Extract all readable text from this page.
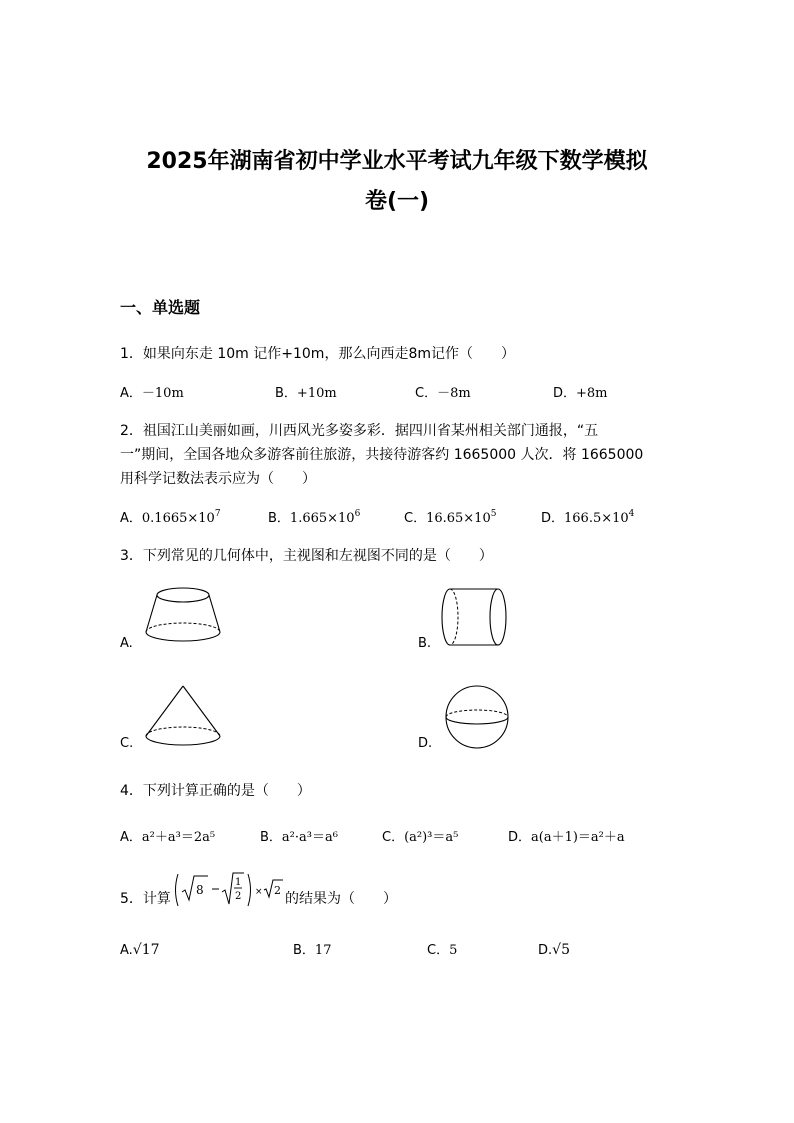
2025年湖南省初中学业水平考试九年级下数学模拟
卷(一)
一、单选题
1．如果向东走 10m 记作+10m，那么向西走8m记作（　　）
A．－10m	B．+10m	C．－8m	D．+8m
2．祖国江山美丽如画，川西风光多姿多彩．据四川省某州相关部门通报，“五
一”期间，全国各地众多游客前往旅游，共接待游客约 1665000 人次．将 1665000
用科学记数法表示应为（　　）
A．$0.1665\times 10^7$	B．$1.665\times 10^6$	C．$16.65\times 10^5$	D．$166.5\times 10^4$
3．下列常见的几何体中，主视图和左视图不同的是（　　）
A.	B.
C.	D.
4．下列计算正确的是（　　）
A．a²＋a³＝2a⁵	B．a²·a³＝a⁶	C．(a²)³＝a⁵	D．a(a＋1)＝a²＋a
5．计算
8
1
2 × 2
的结果为（　　）
A.√17	B．17	C．5	D.√5
